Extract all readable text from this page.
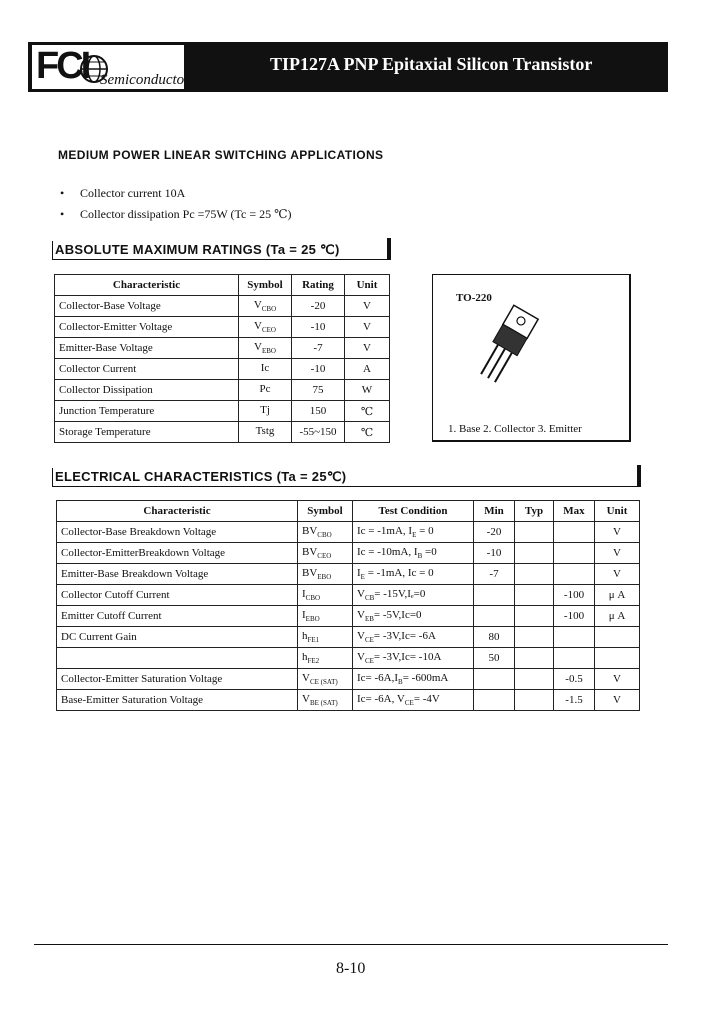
FCI Semiconductor
TIP127A PNP Epitaxial Silicon Transistor
MEDIUM POWER LINEAR SWITCHING APPLICATIONS
• Collector current 10A
• Collector dissipation Pc =75W (Tc = 25 ℃)
ABSOLUTE MAXIMUM RATINGS (Ta = 25 ℃)
Characteristic	Symbol	Rating	Unit
Collector-Base Voltage	$V_{CBO}$	-20	V
Collector-Emitter Voltage	$V_{CEO}$	-10	V
Emitter-Base Voltage	$V_{EBO}$	-7	V
Collector Current	Ic	-10	A
Collector Dissipation	Pc	75	W
Junction Temperature	Tj	150	℃
Storage Temperature	Tstg	-55~150	℃
TO-220
1. Base 2. Collector 3. Emitter
ELECTRICAL CHARACTERISTICS (Ta = 25℃)
Characteristic	Symbol	Test Condition	Min	Typ	Max	Unit
Collector-Base Breakdown Voltage	$BV_{CBO}$	Ic = -1mA, $I_E = 0$	-20			V
Collector-EmitterBreakdown Voltage	$BV_{CEO}$	Ic = -10mA, $I_B =0$	-10			V
Emitter-Base Breakdown Voltage	$BV_{EBO}$	$I_E = -1mA$, Ic = 0	-7			V
Collector Cutoff Current	$I_{CBO}$	$V_{CB}= -15V,I_e=0$			-100	μ A
Emitter Cutoff Current	$I_{EBO}$	$V_{EB}= -5V,Ic=0$			-100	μ A
DC Current Gain	$h_{FE1}$	$V_{CE}= -3V,Ic= -6A$	80			
	$h_{FE2}$	$V_{CE}= -3V,Ic= -10A$	50			
Collector-Emitter Saturation Voltage	$V_{CE (SAT)}$	$Ic= -6A,I_B= -600mA$			-0.5	V
Base-Emitter Saturation Voltage	$V_{BE (SAT)}$	Ic= -6A, $V_{CE}= -4V$			-1.5	V
8-10
